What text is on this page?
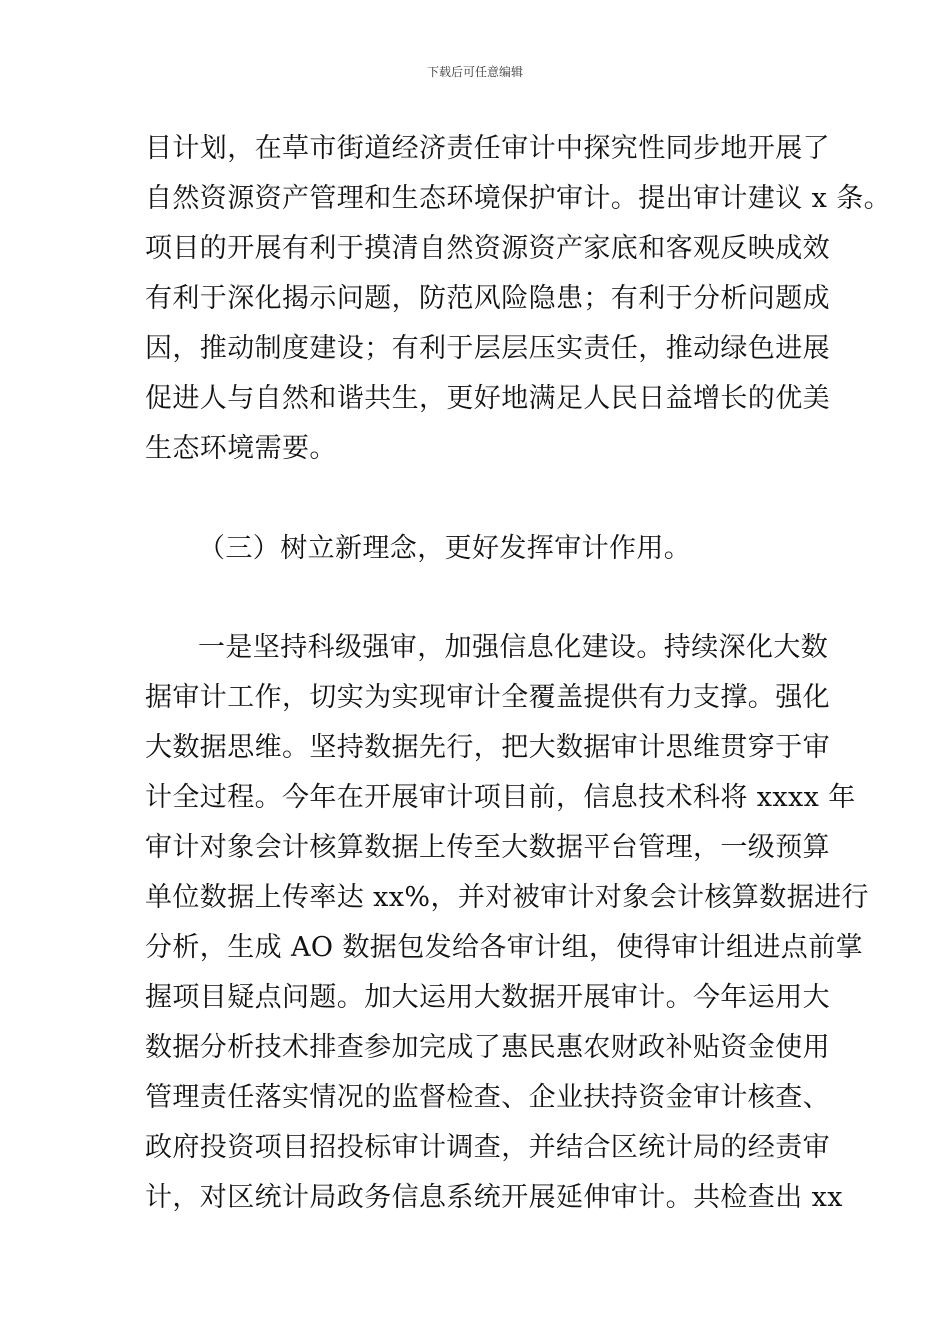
下载后可任意编辑
目计划，在草市街道经济责任审计中探究性同步地开展了
自然资源资产管理和生态环境保护审计。提出审计建议 x 条。
项目的开展有利于摸清自然资源资产家底和客观反映成效
有利于深化揭示问题，防范风险隐患；有利于分析问题成
因，推动制度建设；有利于层层压实责任，推动绿色进展
促进人与自然和谐共生，更好地满足人民日益增长的优美
生态环境需要。
（三）树立新理念，更好发挥审计作用。
一是坚持科级强审，加强信息化建设。持续深化大数
据审计工作，切实为实现审计全覆盖提供有力支撑。强化
大数据思维。坚持数据先行，把大数据审计思维贯穿于审
计全过程。今年在开展审计项目前，信息技术科将 xxxx 年
审计对象会计核算数据上传至大数据平台管理，一级预算
单位数据上传率达 xx%，并对被审计对象会计核算数据进行
分析，生成 AO 数据包发给各审计组，使得审计组进点前掌
握项目疑点问题。加大运用大数据开展审计。今年运用大
数据分析技术排查参加完成了惠民惠农财政补贴资金使用
管理责任落实情况的监督检查、企业扶持资金审计核查、
政府投资项目招投标审计调查，并结合区统计局的经责审
计，对区统计局政务信息系统开展延伸审计。共检查出 xx
